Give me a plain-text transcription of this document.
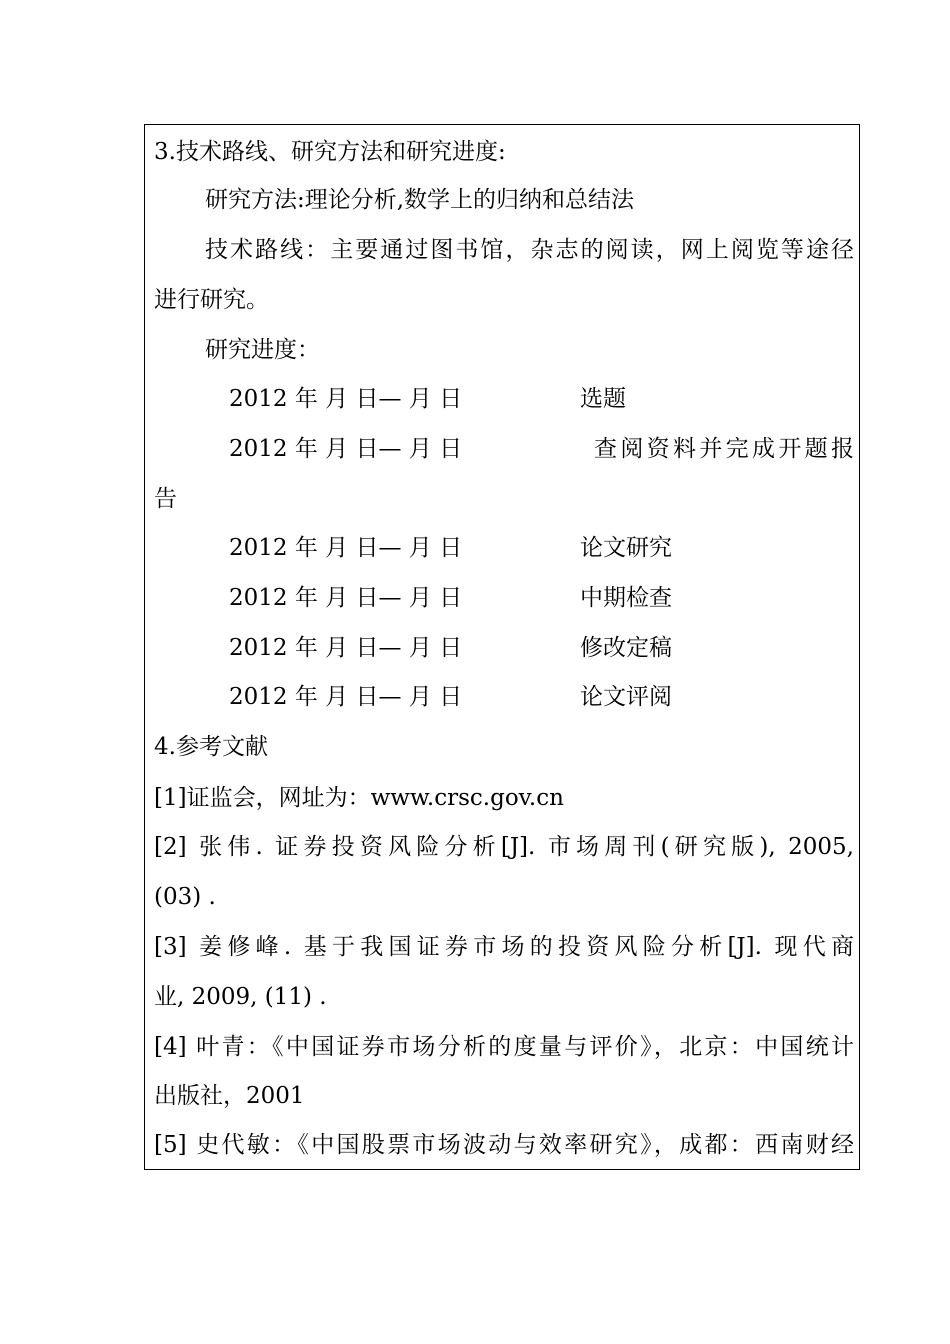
3.技术路线、研究方法和研究进度:
研究方法:理论分析,数学上的归纳和总结法
技术路线：主要通过图书馆，杂志的阅读，网上阅览等途径
进行研究。
研究进度：
2012 年 月 日— 月 日	选题
2012 年 月 日— 月 日	查阅资料并完成开题报
告
2012 年 月 日— 月 日	论文研究
2012 年 月 日— 月 日	中期检查
2012 年 月 日— 月 日	修改定稿
2012 年 月 日— 月 日	论文评阅
4.参考文献
[1]证监会，网址为：www.crsc.gov.cn
[2] 张伟. 证券投资风险分析[J]. 市场周刊(研究版), 2005,
(03) .
[3] 姜修峰. 基于我国证券市场的投资风险分析[J]. 现代商
业, 2009, (11) .
[4] 叶青：《中国证券市场分析的度量与评价》，北京：中国统计
出版社，2001
[5] 史代敏：《中国股票市场波动与效率研究》，成都：西南财经
